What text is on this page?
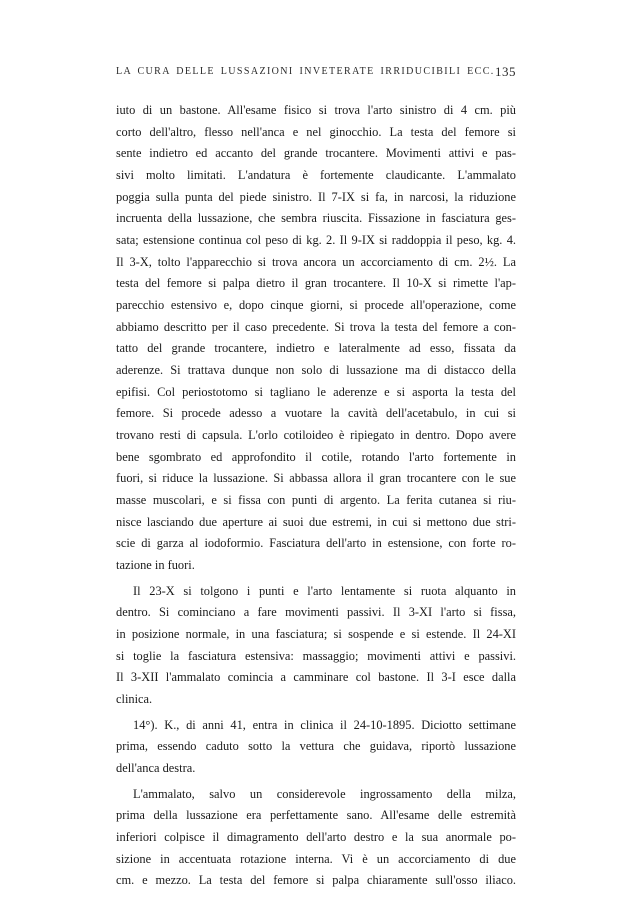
LA CURA DELLE LUSSAZIONI INVETERATE IRRIDUCIBILI ECC. 135
iuto di un bastone. All'esame fisico si trova l'arto sinistro di 4 cm. più
corto dell'altro, flesso nell'anca e nel ginocchio. La testa del femore si
sente indietro ed accanto del grande trocantere. Movimenti attivi e pas-
sivi molto limitati. L'andatura è fortemente claudicante. L'ammalato
poggia sulla punta del piede sinistro. Il 7-IX si fa, in narcosi, la riduzione
incruenta della lussazione, che sembra riuscita. Fissazione in fasciatura ges-
sata; estensione continua col peso di kg. 2. Il 9-IX si raddoppia il peso, kg. 4.
Il 3-X, tolto l'apparecchio si trova ancora un accorciamento di cm. 2½. La
testa del femore si palpa dietro il gran trocantere. Il 10-X si rimette l'ap-
parecchio estensivo e, dopo cinque giorni, si procede all'operazione, come
abbiamo descritto per il caso precedente. Si trova la testa del femore a con-
tatto del grande trocantere, indietro e lateralmente ad esso, fissata da
aderenze. Si trattava dunque non solo di lussazione ma di distacco della
epifisi. Col periostotomo si tagliano le aderenze e si asporta la testa del
femore. Si procede adesso a vuotare la cavità dell'acetabulo, in cui si
trovano resti di capsula. L'orlo cotiloideo è ripiegato in dentro. Dopo avere
bene sgombrato ed approfondito il cotile, rotando l'arto fortemente in
fuori, si riduce la lussazione. Si abbassa allora il gran trocantere con le sue
masse muscolari, e si fissa con punti di argento. La ferita cutanea si riu-
nisce lasciando due aperture ai suoi due estremi, in cui si mettono due stri-
scie di garza al iodoformio. Fasciatura dell'arto in estensione, con forte ro-
tazione in fuori.
Il 23-X si tolgono i punti e l'arto lentamente si ruota alquanto in
dentro. Si cominciano a fare movimenti passivi. Il 3-XI l'arto si fissa,
in posizione normale, in una fasciatura; si sospende e si estende. Il 24-XI
si toglie la fasciatura estensiva: massaggio; movimenti attivi e passivi.
Il 3-XII l'ammalato comincia a camminare col bastone. Il 3-I esce dalla
clinica.
14°). K., di anni 41, entra in clinica il 24-10-1895. Diciotto settimane
prima, essendo caduto sotto la vettura che guidava, riportò lussazione
dell'anca destra.
L'ammalato, salvo un considerevole ingrossamento della milza,
prima della lussazione era perfettamente sano. All'esame delle estremità
inferiori colpisce il dimagramento dell'arto destro e la sua anormale po-
sizione in accentuata rotazione interna. Vi è un accorciamento di due
cm. e mezzo. La testa del femore si palpa chiaramente sull'osso iliaco.
